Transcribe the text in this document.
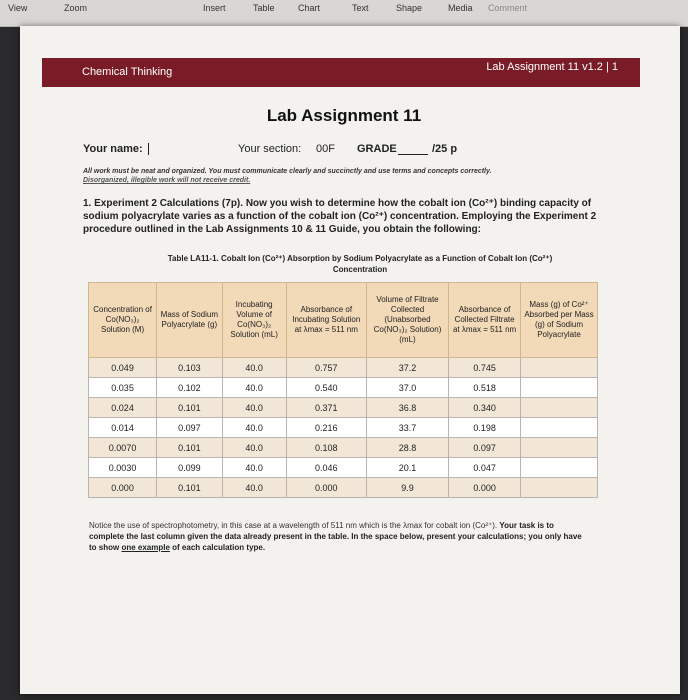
View	Zoom	Insert	Table	Chart	Text	Shape	Media Comment
Chemical Thinking	Lab Assignment 11 v1.2 | 1
Lab Assignment 11
Your name:	Your section: 00F GRADE	/25 p
All work must be neat and organized. You must communicate clearly and succinctly and use terms and concepts correctly.
Disorganized, illegible work will not receive credit.
1. Experiment 2 Calculations (7p). Now you wish to determine how the cobalt ion (Co²⁺) binding capacity of sodium polyacrylate varies as a function of the cobalt ion (Co²⁺) concentration. Employing the Experiment 2 procedure outlined in the Lab Assignments 10 & 11 Guide, you obtain the following:
Table LA11-1. Cobalt Ion (Co²⁺) Absorption by Sodium Polyacrylate as a Function of Cobalt Ion (Co²⁺)
Concentration
Concentration of Co(NO₃)₂ Solution (M)	Mass of Sodium Polyacrylate (g)	Incubating Volume of Co(NO₃)₂ Solution (mL)	Absorbance of Incubating Solution at λmax = 511 nm	Volume of Filtrate Collected (Unabsorbed Co(NO₃)₂ Solution) (mL)	Absorbance of Collected Filtrate at λmax = 511 nm	Mass (g) of Co²⁺ Absorbed per Mass (g) of Sodium Polyacrylate
0.049	0.103	40.0	0.757	37.2	0.745	
0.035	0.102	40.0	0.540	37.0	0.518	
0.024	0.101	40.0	0.371	36.8	0.340	
0.014	0.097	40.0	0.216	33.7	0.198	
0.0070	0.101	40.0	0.108	28.8	0.097	
0.0030	0.099	40.0	0.046	20.1	0.047	
0.000	0.101	40.0	0.000	9.9	0.000	
Notice the use of spectrophotometry, in this case at a wavelength of 511 nm which is the λmax for cobalt ion (Co²⁺). Your task is to complete the last column given the data already present in the table. In the space below, present your calculations; you only have to show one example of each calculation type.
